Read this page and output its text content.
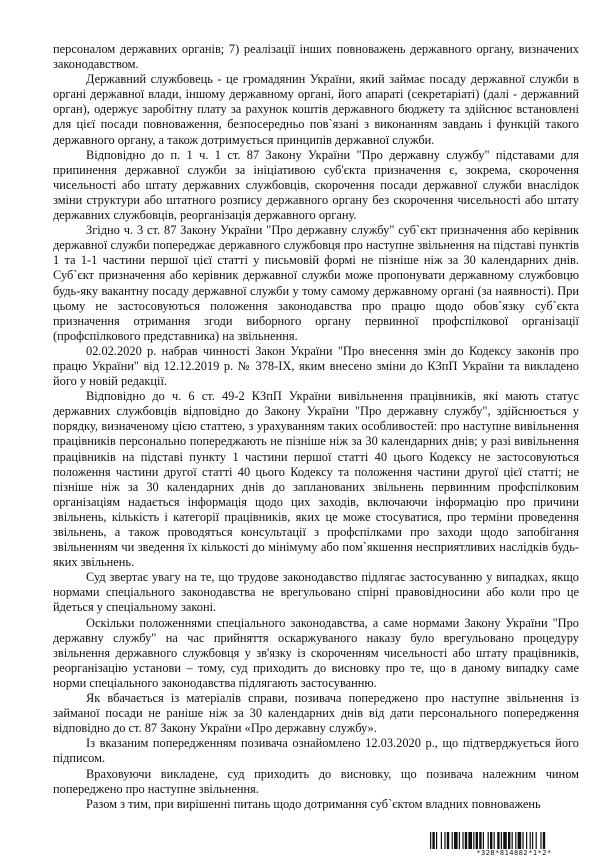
персоналом державних органів; 7) реалізації інших повноважень державного органу, визначених законодавством.

Державний службовець - це громадянин України, який займає посаду державної служби в органі державної влади, іншому державному органі, його апараті (секретаріаті) (далі - державний орган), одержує заробітну плату за рахунок коштів державного бюджету та здійснює встановлені для цієї посади повноваження, безпосередньо пов`язані з виконанням завдань і функцій такого державного органу, а також дотримується принципів державної служби.

Відповідно до п. 1 ч. 1 ст. 87 Закону України "Про державну службу" підставами для припинення державної служби за ініціативою суб'єкта призначення є, зокрема, скорочення чисельності або штату державних службовців, скорочення посади державної служби внаслідок зміни структури або штатного розпису державного органу без скорочення чисельності або штату державних службовців, реорганізація державного органу.

Згідно ч. 3 ст. 87 Закону України "Про державну службу" суб`єкт призначення або керівник державної служби попереджає державного службовця про наступне звільнення на підставі пунктів 1 та 1-1 частини першої цієї статті у письмовій формі не пізніше ніж за 30 календарних днів. Суб`єкт призначення або керівник державної служби може пропонувати державному службовцю будь-яку вакантну посаду державної служби у тому самому державному органі (за наявності). При цьому не застосовуються положення законодавства про працю щодо обов`язку суб`єкта призначення отримання згоди виборного органу первинної профспілкової організації (профспілкового представника) на звільнення.

02.02.2020 р. набрав чинності Закон України "Про внесення змін до Кодексу законів про працю України" від 12.12.2019 р. № 378-IX, яким внесено зміни до КЗпП України та викладено його у новій редакції.

Відповідно до ч. 6 ст. 49-2 КЗпП України вивільнення працівників, які мають статус державних службовців відповідно до Закону України "Про державну службу", здійснюється у порядку, визначеному цією статтею, з урахуванням таких особливостей: про наступне вивільнення працівників персонально попереджають не пізніше ніж за 30 календарних днів; у разі вивільнення працівників на підставі пункту 1 частини першої статті 40 цього Кодексу не застосовуються положення частини другої статті 40 цього Кодексу та положення частини другої цієї статті; не пізніше ніж за 30 календарних днів до запланованих звільнень первинним профспілковим організаціям надається інформація щодо цих заходів, включаючи інформацію про причини звільнень, кількість і категорії працівників, яких це може стосуватися, про терміни проведення звільнень, а також проводяться консультації з профспілками про заходи щодо запобігання звільненням чи зведення їх кількості до мінімуму або пом`якшення несприятливих наслідків будь-яких звільнень.

Суд звертає увагу на те, що трудове законодавство підлягає застосуванню у випадках, якщо нормами спеціального законодавства не врегульовано спірні правовідносини або коли про це йдеться у спеціальному законі.

Оскільки положеннями спеціального законодавства, а саме нормами Закону України "Про державну службу" на час прийняття оскаржуваного наказу було врегульовано процедуру звільнення державного службовця у зв'язку із скороченням чисельності або штату працівників, реорганізацію установи – тому, суд приходить до висновку про те, що в даному випадку саме норми спеціального законодавства підлягають застосуванню.

Як вбачається із матеріалів справи, позивача попереджено про наступне звільнення із займаної посади не раніше ніж за 30 календарних днів від дати персонального попередження відповідно до ст. 87 Закону України «Про державну службу».

Із вказаним попередженням позивача ознайомлено 12.03.2020 р., що підтверджується його підписом.

Враховуючи викладене, суд приходить до висновку, що позивача належним чином попереджено про наступне звільнення.

Разом з тим, при вирішенні питань щодо дотримання суб`єктом владних повноважень

*328*814882*1*2*
